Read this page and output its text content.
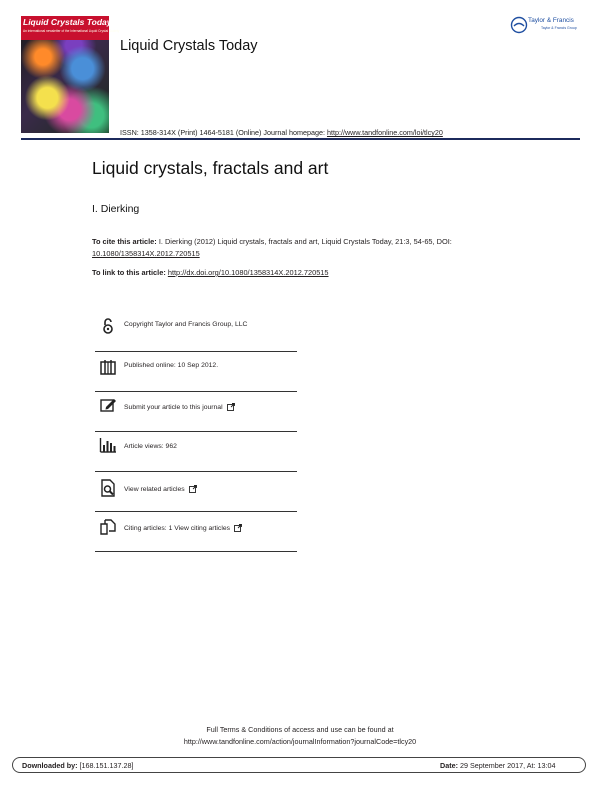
Liquid Crystals Today
An international newsletter of the International Liquid Crystal Society
Liquid Crystals Today
ISSN: 1358-314X (Print) 1464-5181 (Online) Journal homepage: http://www.tandfonline.com/loi/tlcy20
Taylor & Francis
Taylor & Francis Group
Liquid crystals, fractals and art
I. Dierking
To cite this article: I. Dierking (2012) Liquid crystals, fractals and art, Liquid Crystals Today, 21:3, 54-65, DOI: 10.1080/1358314X.2012.720515
To link to this article: http://dx.doi.org/10.1080/1358314X.2012.720515
Copyright Taylor and Francis Group, LLC
Published online: 10 Sep 2012.
Submit your article to this journal
Article views: 962
View related articles
Citing articles: 1 View citing articles
Full Terms & Conditions of access and use can be found at
http://www.tandfonline.com/action/journalInformation?journalCode=tlcy20
Downloaded by: [168.151.137.28]	Date: 29 September 2017, At: 13:04
